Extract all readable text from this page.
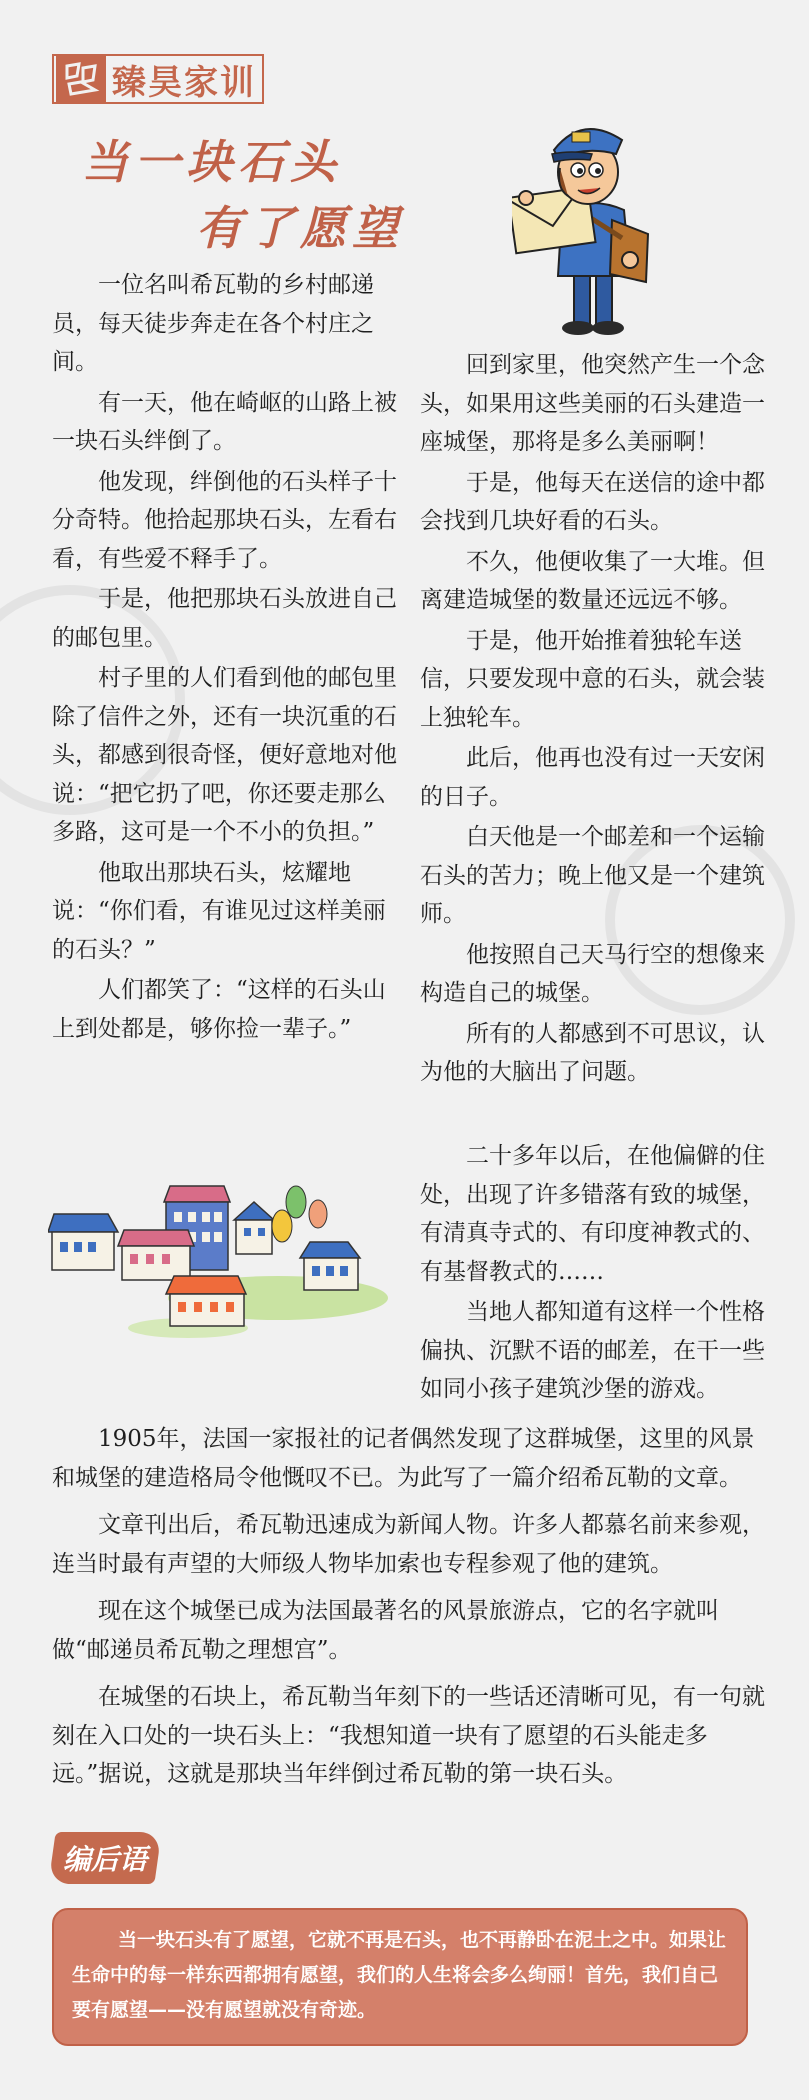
臻昊家训
当一块石头
有了愿望

一位名叫希瓦勒的乡村邮递员，每天徒步奔走在各个村庄之间。

有一天，他在崎岖的山路上被一块石头绊倒了。

他发现，绊倒他的石头样子十分奇特。他拾起那块石头，左看右看，有些爱不释手了。

于是，他把那块石头放进自己的邮包里。

村子里的人们看到他的邮包里除了信件之外，还有一块沉重的石头，都感到很奇怪，便好意地对他说：“把它扔了吧，你还要走那么多路，这可是一个不小的负担。”

他取出那块石头，炫耀地说：“你们看，有谁见过这样美丽的石头？”

人们都笑了：“这样的石头山上到处都是，够你捡一辈子。”

回到家里，他突然产生一个念头，如果用这些美丽的石头建造一座城堡，那将是多么美丽啊！

于是，他每天在送信的途中都会找到几块好看的石头。

不久，他便收集了一大堆。但离建造城堡的数量还远远不够。

于是，他开始推着独轮车送信，只要发现中意的石头，就会装上独轮车。

此后，他再也没有过一天安闲的日子。

白天他是一个邮差和一个运输石头的苦力；晚上他又是一个建筑师。

他按照自己天马行空的想像来构造自己的城堡。

所有的人都感到不可思议，认为他的大脑出了问题。

二十多年以后，在他偏僻的住处，出现了许多错落有致的城堡，有清真寺式的、有印度神教式的、有基督教式的……

当地人都知道有这样一个性格偏执、沉默不语的邮差，在干一些如同小孩子建筑沙堡的游戏。

1905年，法国一家报社的记者偶然发现了这群城堡，这里的风景和城堡的建造格局令他慨叹不已。为此写了一篇介绍希瓦勒的文章。

文章刊出后，希瓦勒迅速成为新闻人物。许多人都慕名前来参观，连当时最有声望的大师级人物毕加索也专程参观了他的建筑。

现在这个城堡已成为法国最著名的风景旅游点，它的名字就叫做“邮递员希瓦勒之理想宫”。

在城堡的石块上，希瓦勒当年刻下的一些话还清晰可见，有一句就刻在入口处的一块石头上：“我想知道一块有了愿望的石头能走多远。”据说，这就是那块当年绊倒过希瓦勒的第一块石头。

编后语

当一块石头有了愿望，它就不再是石头，也不再静卧在泥土之中。如果让生命中的每一样东西都拥有愿望，我们的人生将会多么绚丽！首先，我们自己要有愿望——没有愿望就没有奇迹。
